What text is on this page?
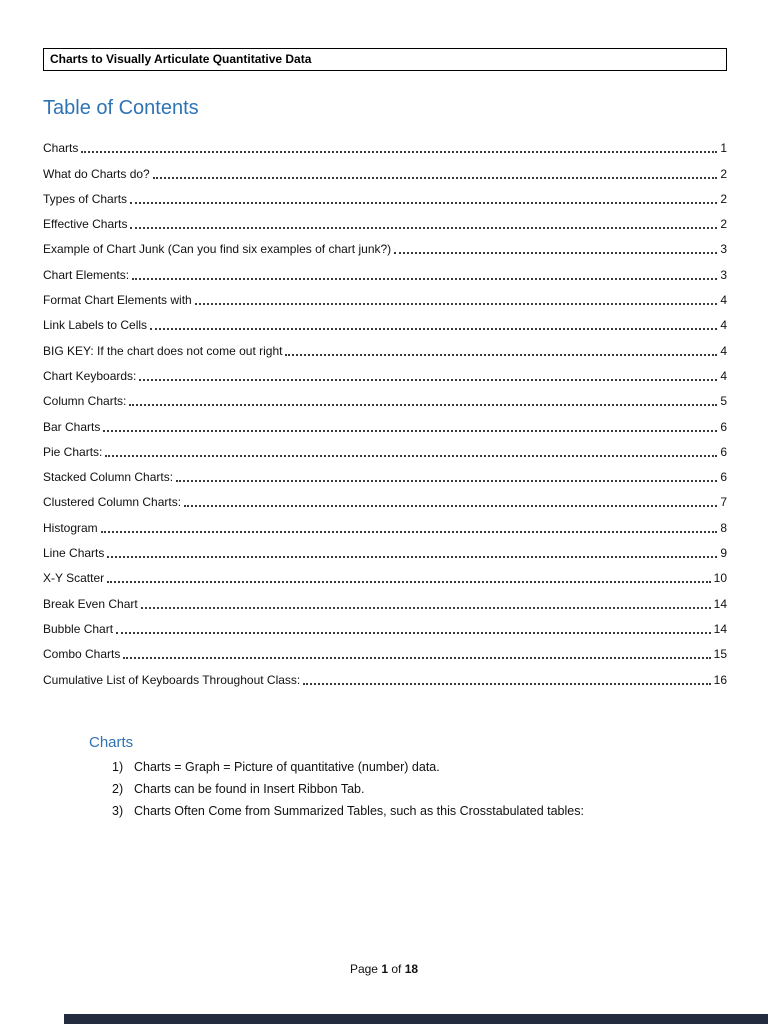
Charts to Visually Articulate Quantitative Data
Table of Contents
Charts	1
What do Charts do?	2
Types of Charts	2
Effective Charts	2
Example of Chart Junk (Can you find six examples of chart junk?)	3
Chart Elements:	3
Format Chart Elements with	4
Link Labels to Cells	4
BIG KEY: If the chart does not come out right	4
Chart Keyboards:	4
Column Charts:	5
Bar Charts	6
Pie Charts:	6
Stacked Column Charts:	6
Clustered Column Charts:	7
Histogram	8
Line Charts	9
X-Y Scatter	10
Break Even Chart	14
Bubble Chart	14
Combo Charts	15
Cumulative List of Keyboards Throughout Class:	16
Charts
1) Charts = Graph = Picture of quantitative (number) data.
2) Charts can be found in Insert Ribbon Tab.
3) Charts Often Come from Summarized Tables, such as this Crosstabulated tables:
Page 1 of 18
